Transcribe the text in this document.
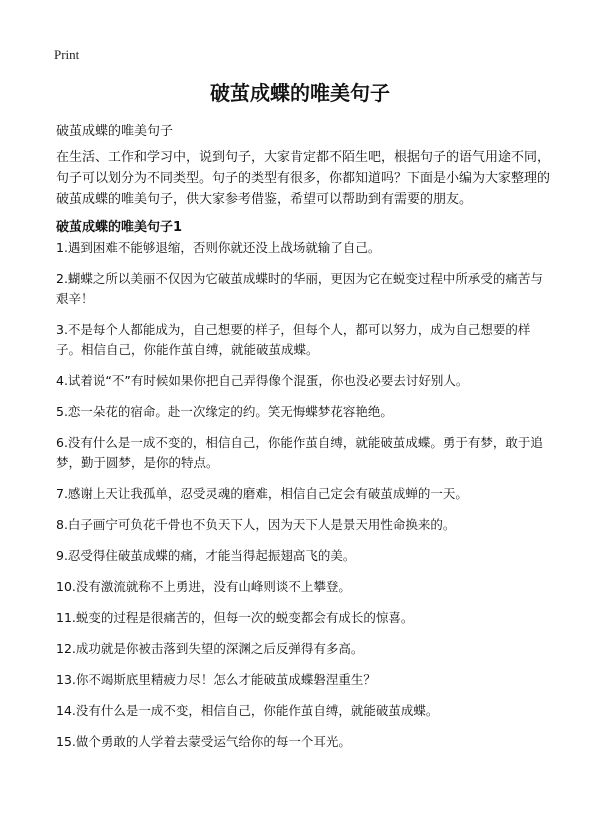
Print
破茧成蝶的唯美句子
破茧成蝶的唯美句子
在生活、工作和学习中，说到句子，大家肯定都不陌生吧，根据句子的语气用途不同，句子可以划分为不同类型。句子的类型有很多，你都知道吗？下面是小编为大家整理的破茧成蝶的唯美句子，供大家参考借鉴，希望可以帮助到有需要的朋友。
破茧成蝶的唯美句子1
1.遇到困难不能够退缩，否则你就还没上战场就输了自己。
2.蝴蝶之所以美丽不仅因为它破茧成蝶时的华丽，更因为它在蜕变过程中所承受的痛苦与艰辛！
3.不是每个人都能成为，自己想要的样子，但每个人，都可以努力，成为自己想要的样子。相信自己，你能作茧自缚，就能破茧成蝶。
4.试着说“不”有时候如果你把自己弄得像个混蛋，你也没必要去讨好别人。
5.恋一朵花的宿命。赴一次缘定的约。笑无悔蝶梦花容艳绝。
6.没有什么是一成不变的，相信自己，你能作茧自缚，就能破茧成蝶。勇于有梦，敢于追梦，勤于圆梦，是你的特点。
7.感谢上天让我孤单，忍受灵魂的磨难，相信自己定会有破茧成蝉的一天。
8.白子画宁可负花千骨也不负天下人，因为天下人是景天用性命换来的。
9.忍受得住破茧成蝶的痛，才能当得起振翅高飞的美。
10.没有激流就称不上勇进，没有山峰则谈不上攀登。
11.蜕变的过程是很痛苦的，但每一次的蜕变都会有成长的惊喜。
12.成功就是你被击落到失望的深渊之后反弹得有多高。
13.你不竭斯底里精疲力尽！怎么才能破茧成蝶磐涅重生？
14.没有什么是一成不变，相信自己，你能作茧自缚，就能破茧成蝶。
15.做个勇敢的人学着去蒙受运气给你的每一个耳光。
